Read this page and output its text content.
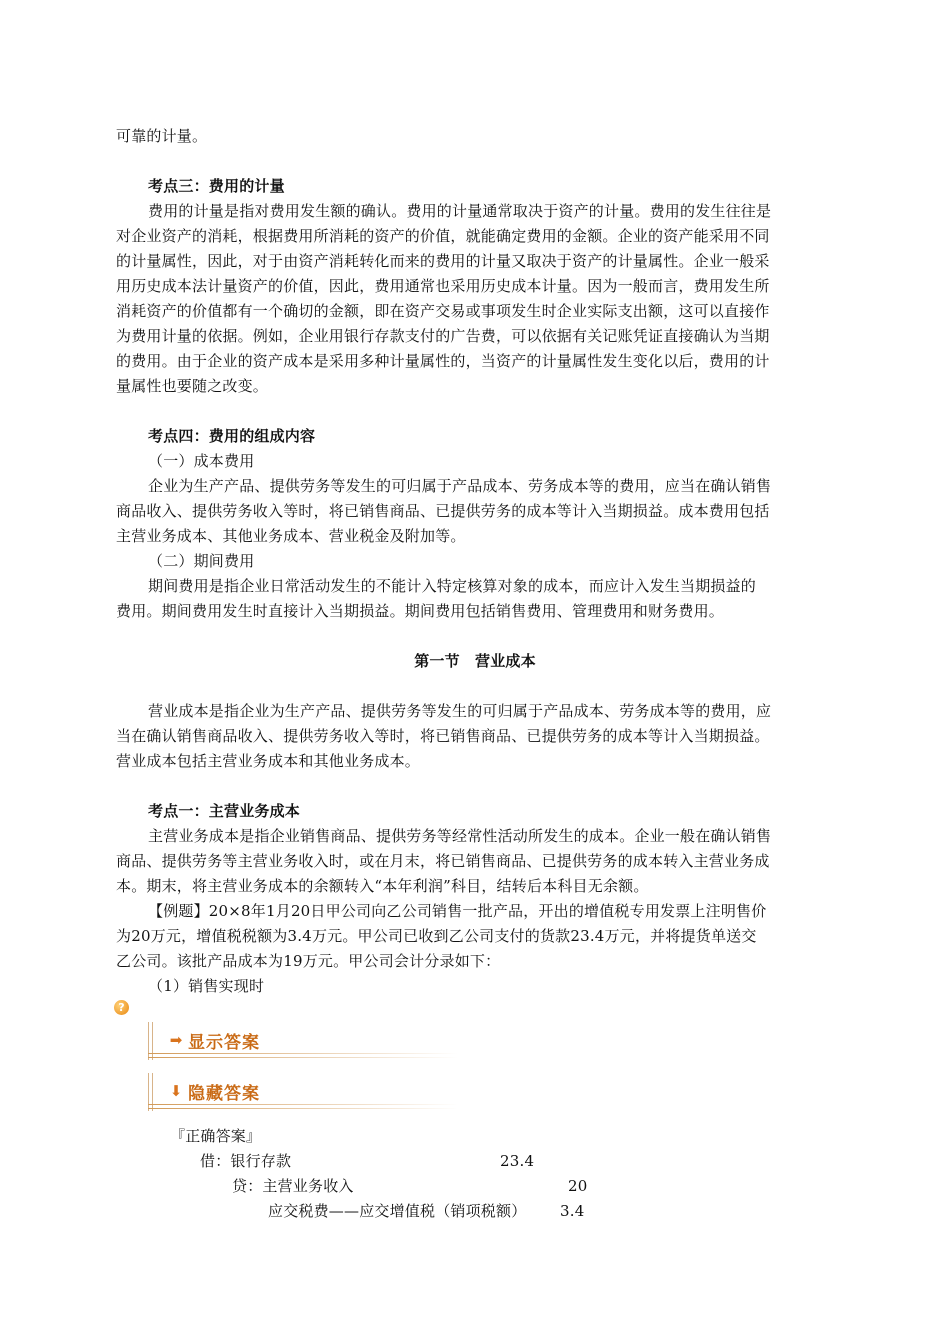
可靠的计量。
考点三：费用的计量
费用的计量是指对费用发生额的确认。费用的计量通常取决于资产的计量。费用的发生往往是
对企业资产的消耗，根据费用所消耗的资产的价值，就能确定费用的金额。企业的资产能采用不同
的计量属性，因此，对于由资产消耗转化而来的费用的计量又取决于资产的计量属性。企业一般采
用历史成本法计量资产的价值，因此，费用通常也采用历史成本计量。因为一般而言，费用发生所
消耗资产的价值都有一个确切的金额，即在资产交易或事项发生时企业实际支出额，这可以直接作
为费用计量的依据。例如，企业用银行存款支付的广告费，可以依据有关记账凭证直接确认为当期
的费用。由于企业的资产成本是采用多种计量属性的，当资产的计量属性发生变化以后，费用的计
量属性也要随之改变。
考点四：费用的组成内容
（一）成本费用
企业为生产产品、提供劳务等发生的可归属于产品成本、劳务成本等的费用，应当在确认销售
商品收入、提供劳务收入等时，将已销售商品、已提供劳务的成本等计入当期损益。成本费用包括
主营业务成本、其他业务成本、营业税金及附加等。
（二）期间费用
期间费用是指企业日常活动发生的不能计入特定核算对象的成本，而应计入发生当期损益的
费用。期间费用发生时直接计入当期损益。期间费用包括销售费用、管理费用和财务费用。
第一节　营业成本
营业成本是指企业为生产产品、提供劳务等发生的可归属于产品成本、劳务成本等的费用，应
当在确认销售商品收入、提供劳务收入等时，将已销售商品、已提供劳务的成本等计入当期损益。
营业成本包括主营业务成本和其他业务成本。
考点一：主营业务成本
主营业务成本是指企业销售商品、提供劳务等经常性活动所发生的成本。企业一般在确认销售
商品、提供劳务等主营业务收入时，或在月末，将已销售商品、已提供劳务的成本转入主营业务成
本。期末，将主营业务成本的余额转入“本年利润”科目，结转后本科目无余额。
【例题】20×8年1月20日甲公司向乙公司销售一批产品，开出的增值税专用发票上注明售价
为20万元，增值税税额为3.4万元。甲公司已收到乙公司支付的货款23.4万元，并将提货单送交
乙公司。该批产品成本为19万元。甲公司会计分录如下：
（1）销售实现时
?
➡ 显示答案
⬇ 隐藏答案
『正确答案』
借：银行存款	23.4
贷：主营业务收入	20
应交税费——应交增值税（销项税额） 3.4
